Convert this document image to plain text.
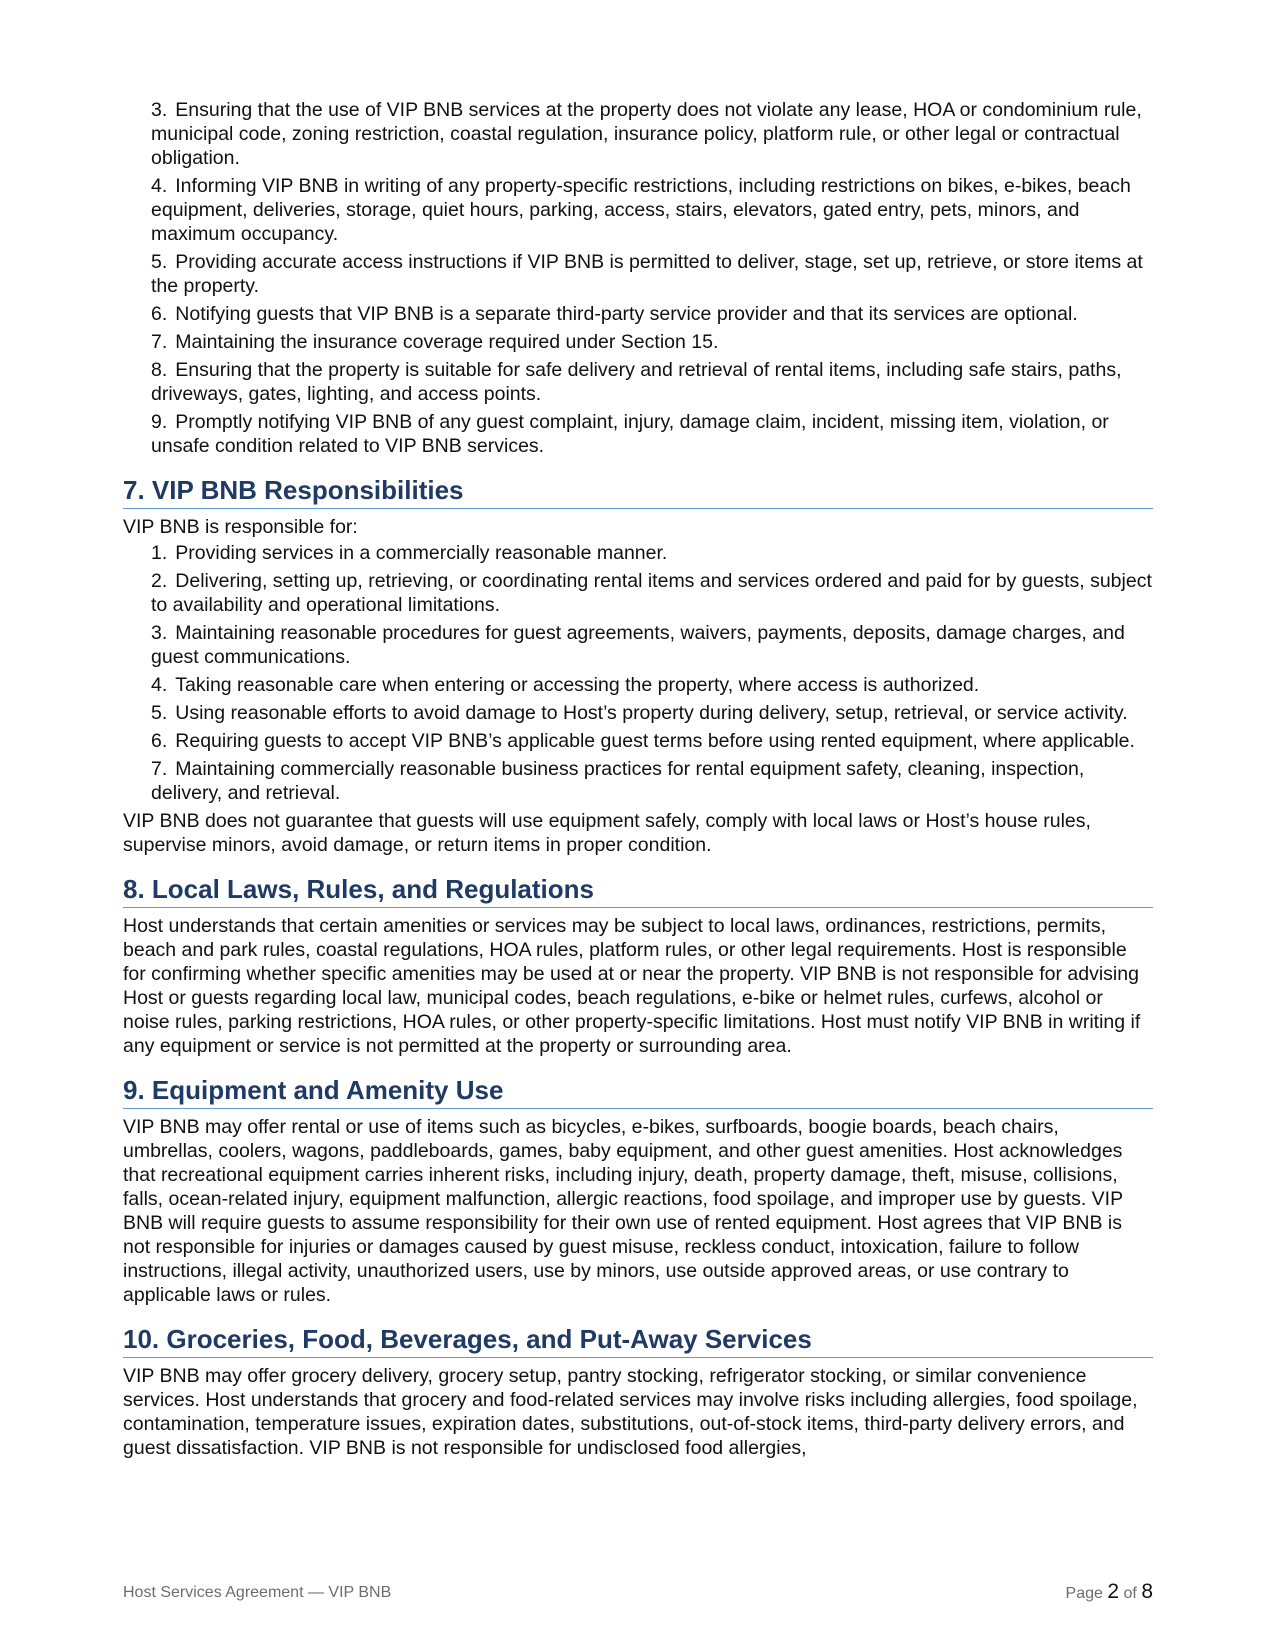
3. Ensuring that the use of VIP BNB services at the property does not violate any lease, HOA or condominium rule, municipal code, zoning restriction, coastal regulation, insurance policy, platform rule, or other legal or contractual obligation.
4. Informing VIP BNB in writing of any property-specific restrictions, including restrictions on bikes, e-bikes, beach equipment, deliveries, storage, quiet hours, parking, access, stairs, elevators, gated entry, pets, minors, and maximum occupancy.
5. Providing accurate access instructions if VIP BNB is permitted to deliver, stage, set up, retrieve, or store items at the property.
6. Notifying guests that VIP BNB is a separate third-party service provider and that its services are optional.
7. Maintaining the insurance coverage required under Section 15.
8. Ensuring that the property is suitable for safe delivery and retrieval of rental items, including safe stairs, paths, driveways, gates, lighting, and access points.
9. Promptly notifying VIP BNB of any guest complaint, injury, damage claim, incident, missing item, violation, or unsafe condition related to VIP BNB services.
7. VIP BNB Responsibilities

VIP BNB is responsible for:

1. Providing services in a commercially reasonable manner.
2. Delivering, setting up, retrieving, or coordinating rental items and services ordered and paid for by guests, subject to availability and operational limitations.
3. Maintaining reasonable procedures for guest agreements, waivers, payments, deposits, damage charges, and guest communications.
4. Taking reasonable care when entering or accessing the property, where access is authorized.
5. Using reasonable efforts to avoid damage to Host’s property during delivery, setup, retrieval, or service activity.
6. Requiring guests to accept VIP BNB’s applicable guest terms before using rented equipment, where applicable.
7. Maintaining commercially reasonable business practices for rental equipment safety, cleaning, inspection, delivery, and retrieval.

VIP BNB does not guarantee that guests will use equipment safely, comply with local laws or Host’s house rules, supervise minors, avoid damage, or return items in proper condition.

8. Local Laws, Rules, and Regulations

Host understands that certain amenities or services may be subject to local laws, ordinances, restrictions, permits, beach and park rules, coastal regulations, HOA rules, platform rules, or other legal requirements. Host is responsible for confirming whether specific amenities may be used at or near the property. VIP BNB is not responsible for advising Host or guests regarding local law, municipal codes, beach regulations, e-bike or helmet rules, curfews, alcohol or noise rules, parking restrictions, HOA rules, or other property-specific limitations. Host must notify VIP BNB in writing if any equipment or service is not permitted at the property or surrounding area.

9. Equipment and Amenity Use

VIP BNB may offer rental or use of items such as bicycles, e-bikes, surfboards, boogie boards, beach chairs, umbrellas, coolers, wagons, paddleboards, games, baby equipment, and other guest amenities. Host acknowledges that recreational equipment carries inherent risks, including injury, death, property damage, theft, misuse, collisions, falls, ocean-related injury, equipment malfunction, allergic reactions, food spoilage, and improper use by guests. VIP BNB will require guests to assume responsibility for their own use of rented equipment. Host agrees that VIP BNB is not responsible for injuries or damages caused by guest misuse, reckless conduct, intoxication, failure to follow instructions, illegal activity, unauthorized users, use by minors, use outside approved areas, or use contrary to applicable laws or rules.

10. Groceries, Food, Beverages, and Put-Away Services

VIP BNB may offer grocery delivery, grocery setup, pantry stocking, refrigerator stocking, or similar convenience services. Host understands that grocery and food-related services may involve risks including allergies, food spoilage, contamination, temperature issues, expiration dates, substitutions, out-of-stock items, third-party delivery errors, and guest dissatisfaction. VIP BNB is not responsible for undisclosed food allergies,

Host Services Agreement — VIP BNB	Page 2 of 8
